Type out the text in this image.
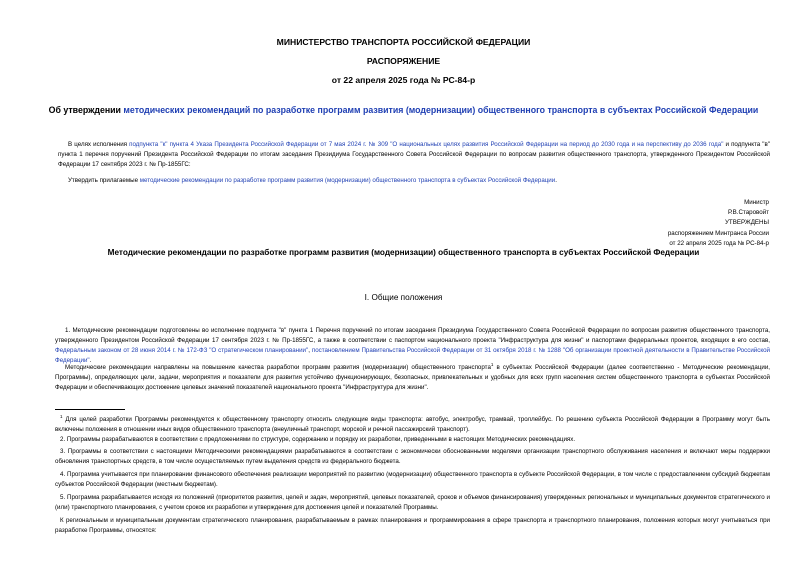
МИНИСТЕРСТВО ТРАНСПОРТА РОССИЙСКОЙ ФЕДЕРАЦИИ
РАСПОРЯЖЕНИЕ
от 22 апреля 2025 года № РС-84-р
Об утверждении методических рекомендаций по разработке программ развития (модернизации) общественного транспорта в субъектах Российской Федерации
В целях исполнения подпункта "к" пункта 4 Указа Президента Российской Федерации от 7 мая 2024 г. № 309 "О национальных целях развития Российской Федерации на период до 2030 года и на перспективу до 2036 года" и подпункта "в" пункта 1 перечня поручений Президента Российской Федерации по итогам заседания Президиума Государственного Совета Российской Федерации по вопросам развития общественного транспорта, утвержденного Президентом Российской Федерации 17 сентября 2023 г. № Пр-1855ГС:
Утвердить прилагаемые методические рекомендации по разработке программ развития (модернизации) общественного транспорта в субъектах Российской Федерации.
Министр
Р.В.Старовойт
УТВЕРЖДЕНЫ
распоряжением Минтранса России
от 22 апреля 2025 года № РС-84-р
Методические рекомендации по разработке программ развития (модернизации) общественного транспорта в субъектах Российской Федерации
I. Общие положения
1. Методические рекомендации подготовлены во исполнение подпункта "в" пункта 1 Перечня поручений по итогам заседания Президиума Государственного Совета Российской Федерации по вопросам развития общественного транспорта, утвержденного Президентом Российской Федерации 17 сентября 2023 г. № Пр-1855ГС, а также в соответствии с паспортом национального проекта "Инфраструктура для жизни" и паспортами федеральных проектов, входящих в его состав, Федеральным законом от 28 июня 2014 г. № 172-ФЗ "О стратегическом планировании", постановлением Правительства Российской Федерации от 31 октября 2018 г. № 1288 "Об организации проектной деятельности в Правительстве Российской Федерации".
Методические рекомендации направлены на повышение качества разработки программ развития (модернизации) общественного транспорта$^1$ в субъектах Российской Федерации (далее соответственно - Методические рекомендации, Программы), определяющих цели, задачи, мероприятия и показатели для развития устойчиво функционирующих, безопасных, привлекательных и удобных для всех групп населения систем общественного транспорта в субъектах Российской Федерации и обеспечивающих достижение целевых значений показателей национального проекта "Инфраструктура для жизни".
$^1$ Для целей разработки Программы рекомендуется к общественному транспорту относить следующие виды транспорта: автобус, электробус, трамвай, троллейбус. По решению субъекта Российской Федерации в Программу могут быть включены положения в отношении иных видов общественного транспорта (внеуличный транспорт, морской и речной пассажирский транспорт).
2. Программы разрабатываются в соответствии с предложениями по структуре, содержанию и порядку их разработки, приведенными в настоящих Методических рекомендациях.
3. Программы в соответствии с настоящими Методическими рекомендациями разрабатываются в соответствии с экономически обоснованными моделями организации транспортного обслуживания населения и включают меры поддержки обновления транспортных средств, в том числе осуществляемых путем выделения средств из федерального бюджета.
4. Программа учитывается при планировании финансового обеспечения реализации мероприятий по развитию (модернизации) общественного транспорта в субъекте Российской Федерации, в том числе с предоставлением субсидий бюджетам субъектов Российской Федерации (местным бюджетам).
5. Программа разрабатывается исходя из положений (приоритетов развития, целей и задач, мероприятий, целевых показателей, сроков и объемов финансирования) утвержденных региональных и муниципальных документов стратегического и (или) транспортного планирования, с учетом сроков их разработки и утверждения для достижения целей и показателей Программы.
К региональным и муниципальным документам стратегического планирования, разрабатываемым в рамках планирования и программирования в сфере транспорта и транспортного планирования, положения которых могут учитываться при разработке Программы, относятся:
